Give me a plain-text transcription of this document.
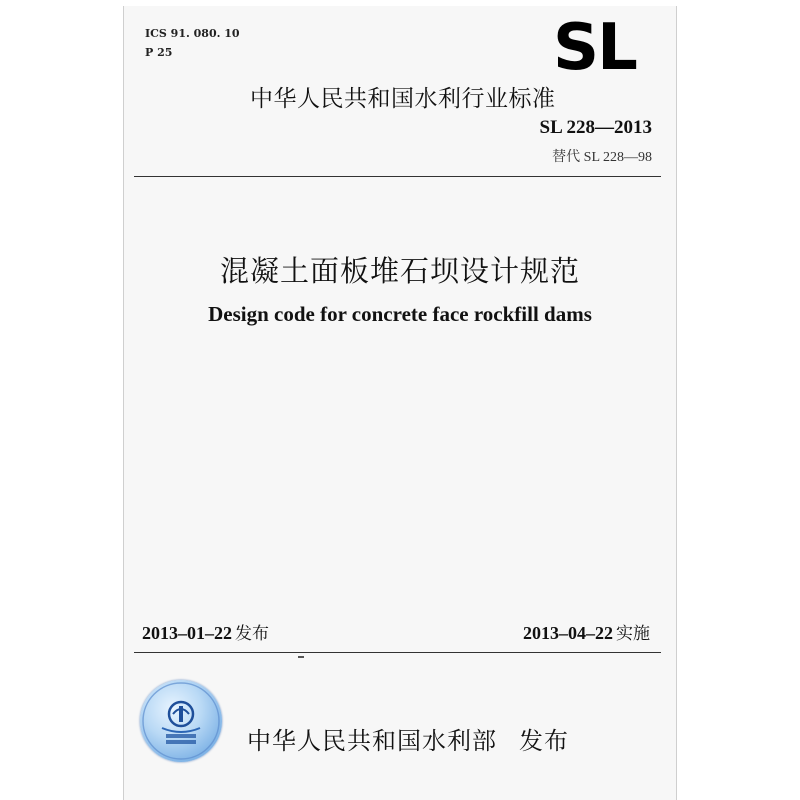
ICS 91. 080. 10
P 25	SL
中华人民共和国水利行业标准
SL 228—2013
替代 SL 228—98
混凝土面板堆石坝设计规范
Design code for concrete face rockfill dams
2013–01–22 发布	2013–04–22 实施
中华人民共和国水利部 发布
